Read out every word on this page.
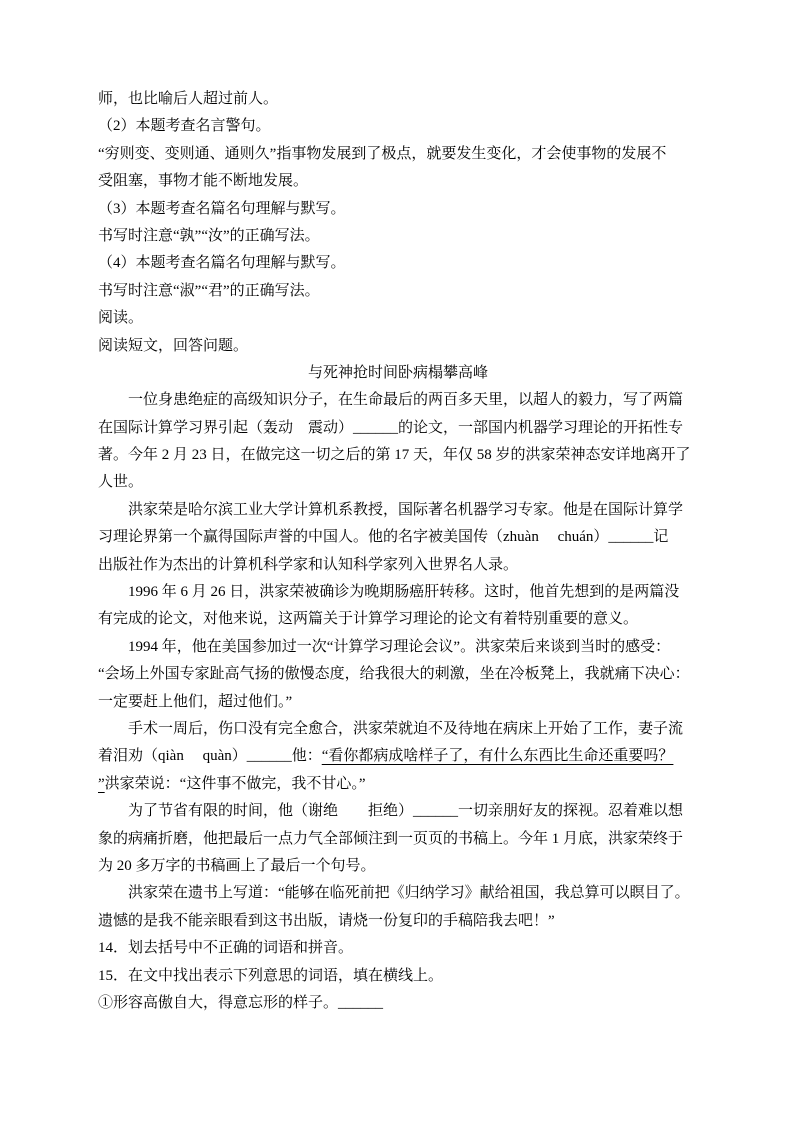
师，也比喻后人超过前人。

（2）本题考查名言警句。

“穷则变、变则通、通则久”指事物发展到了极点，就要发生变化，才会使事物的发展不

受阻塞，事物才能不断地发展。

（3）本题考查名篇名句理解与默写。

书写时注意“孰”“汝”的正确写法。

（4）本题考查名篇名句理解与默写。

书写时注意“淑”“君”的正确写法。

阅读。

阅读短文，回答问题。

与死神抢时间卧病榻攀高峰

　　一位身患绝症的高级知识分子，在生命最后的两百多天里，以超人的毅力，写了两篇

在国际计算学习界引起（轰动　震动）______的论文，一部国内机器学习理论的开拓性专

著。今年 2 月 23 日，在做完这一切之后的第 17 天，年仅 58 岁的洪家荣神态安详地离开了

人世。

　　洪家荣是哈尔滨工业大学计算机系教授，国际著名机器学习专家。他是在国际计算学

习理论界第一个赢得国际声誉的中国人。他的名字被美国传（zhuàn     chuán）______记

出版社作为杰出的计算机科学家和认知科学家列入世界名人录。

　　1996 年 6 月 26 日，洪家荣被确诊为晚期肠癌肝转移。这时，他首先想到的是两篇没

有完成的论文，对他来说，这两篇关于计算学习理论的论文有着特别重要的意义。

　　1994 年，他在美国参加过一次“计算学习理论会议”。洪家荣后来谈到当时的感受：

“会场上外国专家趾高气扬的傲慢态度，给我很大的刺激，坐在冷板凳上，我就痛下决心：

一定要赶上他们，超过他们。”

　　手术一周后，伤口没有完全愈合，洪家荣就迫不及待地在病床上开始了工作，妻子流

着泪劝（qiàn     quàn）______他：“看你都病成啥样子了，有什么东西比生命还重要吗？

”洪家荣说：“这件事不做完，我不甘心。”

　　为了节省有限的时间，他（谢绝　　拒绝）______一切亲朋好友的探视。忍着难以想

象的病痛折磨，他把最后一点力气全部倾注到一页页的书稿上。今年 1 月底，洪家荣终于

为 20 多万字的书稿画上了最后一个句号。

　　洪家荣在遗书上写道：“能够在临死前把《归纳学习》献给祖国，我总算可以瞑目了。

遗憾的是我不能亲眼看到这书出版，请烧一份复印的手稿陪我去吧！”

14．划去括号中不正确的词语和拼音。

15．在文中找出表示下列意思的词语，填在横线上。

①形容高傲自大，得意忘形的样子。______
